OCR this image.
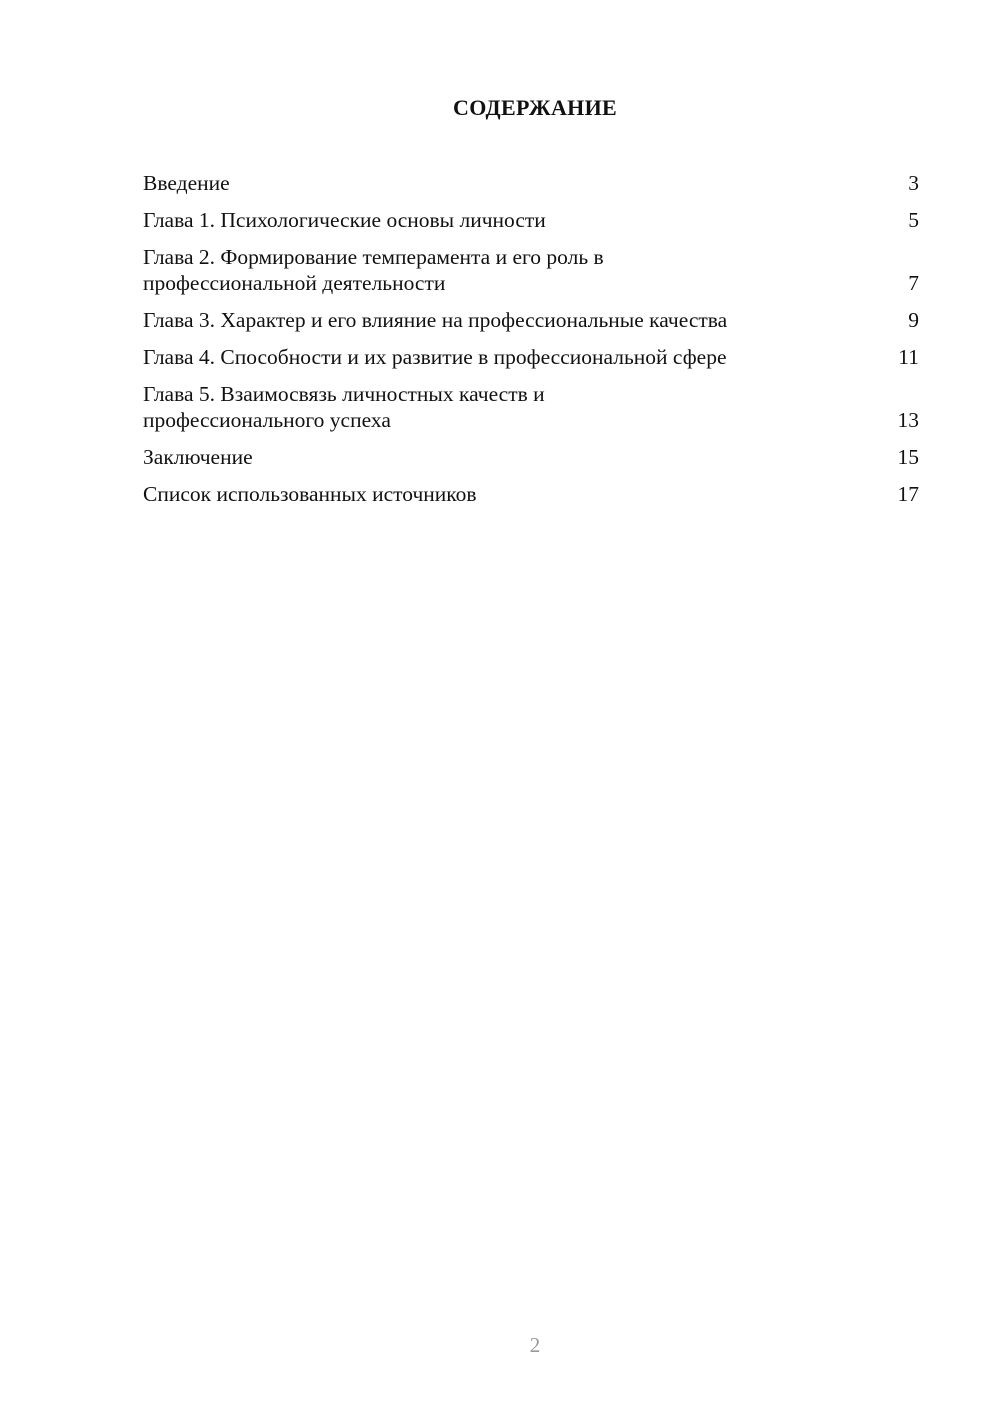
СОДЕРЖАНИЕ
Введение	3
Глава 1. Психологические основы личности	5
Глава 2. Формирование темперамента и его роль в профессиональной деятельности	7
Глава 3. Характер и его влияние на профессиональные качества	9
Глава 4. Способности и их развитие в профессиональной сфере	11
Глава 5. Взаимосвязь личностных качеств и профессионального успеха	13
Заключение	15
Список использованных источников	17
2
